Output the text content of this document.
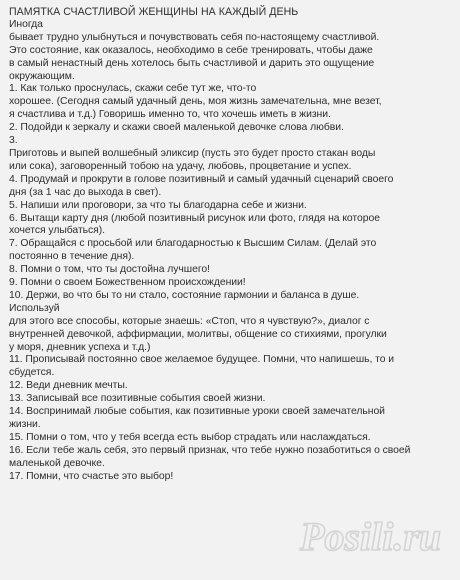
ПАМЯТКА СЧАСТЛИВОЙ ЖЕНЩИНЫ НА КАЖДЫЙ ДЕНЬ
Иногда
бывает трудно улыбнуться и почувствовать себя по-настоящему счастливой.
Это состояние, как оказалось, необходимо в себе тренировать, чтобы даже
в самый ненастный день хотелось быть счастливой и дарить это ощущение
окружающим.
1. Как только проснулась, скажи себе тут же, что-то
хорошее. (Сегодня самый удачный день, моя жизнь замечательна, мне везет,
я счастлива и т.д.) Говоришь именно то, что хочешь иметь в жизни.
2. Подойди к зеркалу и скажи своей маленькой девочке слова любви.
3.
Приготовь и выпей волшебный эликсир (пусть это будет просто стакан воды
или сока), заговоренный тобою на удачу, любовь, процветание и успех.
4. Продумай и прокрути в голове позитивный и самый удачный сценарий своего
дня (за 1 час до выхода в свет).
5. Напиши или проговори, за что ты благодарна себе и жизни.
6. Вытащи карту дня (любой позитивный рисунок или фото, глядя на которое
хочется улыбаться).
7. Обращайся с просьбой или благодарностью к Высшим Силам. (Делай это
постоянно в течение дня).
8. Помни о том, что ты достойна лучшего!
9. Помни о своем Божественном происхождении!
10. Держи, во что бы то ни стало, состояние гармонии и баланса в душе.
Используй
для этого все способы, которые знаешь: «Стоп, что я чувствую?», диалог с
внутренней девочкой, аффирмации, молитвы, общение со стихиями, прогулки
у моря, дневник успеха и т.д.)
11. Прописывай постоянно свое желаемое будущее. Помни, что напишешь, то и
сбудется.
12. Веди дневник мечты.
13. Записывай все позитивные события своей жизни.
14. Воспринимай любые события, как позитивные уроки своей замечательной
жизни.
15. Помни о том, что у тебя всегда есть выбор страдать или наслаждаться.
16. Если тебе жаль себя, это первый признак, что тебе нужно позаботиться о своей
маленькой девочке.
17. Помни, что счастье это выбор!
Posili.ru
